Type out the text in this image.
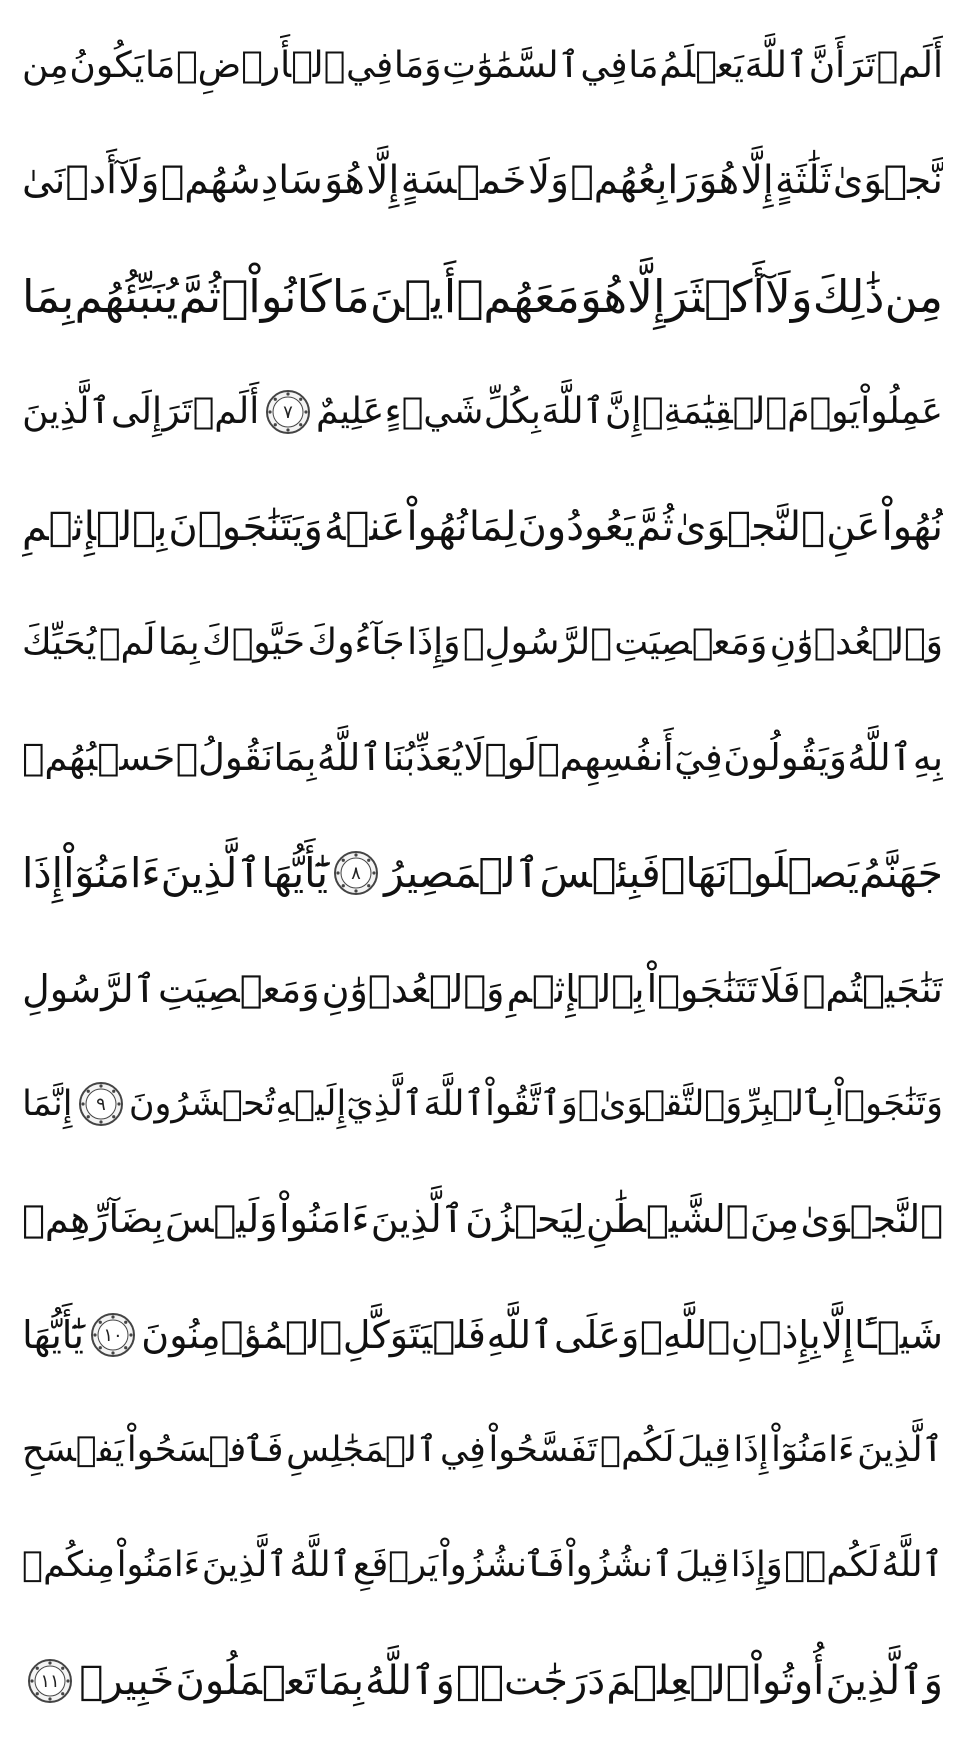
أَلَمۡ
تَرَ
أَنَّ
ٱللَّهَ
يَعۡلَمُ
مَا
فِي
ٱلسَّمَٰوَٰتِ
وَمَا
فِي
ٱلۡأَرۡضِۖ
مَا
يَكُونُ
مِن
نَّجۡوَىٰ
ثَلَٰثَةٍ
إِلَّا
هُوَ
رَابِعُهُمۡ
وَلَا
خَمۡسَةٍ
إِلَّا
هُوَ
سَادِسُهُمۡ
وَلَآ
أَدۡنَىٰ
مِن
ذَٰلِكَ
وَلَآ
أَكۡثَرَ
إِلَّا
هُوَ
مَعَهُمۡ
أَيۡنَ
مَا
كَانُواْۖ
ثُمَّ
يُنَبِّئُهُم
بِمَا
عَمِلُواْ
يَوۡمَ
ٱلۡقِيَٰمَةِۚ
إِنَّ
ٱللَّهَ
بِكُلِّ
شَيۡءٍ
عَلِيمٌ
٧
أَلَمۡ
تَرَ
إِلَى
ٱلَّذِينَ
نُهُواْ
عَنِ
ٱلنَّجۡوَىٰ
ثُمَّ
يَعُودُونَ
لِمَا
نُهُواْ
عَنۡهُ
وَيَتَنَٰجَوۡنَ
بِٱلۡإِثۡمِ
وَٱلۡعُدۡوَٰنِ
وَمَعۡصِيَتِ
ٱلرَّسُولِۖ
وَإِذَا
جَآءُوكَ
حَيَّوۡكَ
بِمَا
لَمۡ
يُحَيِّكَ
بِهِ
ٱللَّهُ
وَيَقُولُونَ
فِيٓ
أَنفُسِهِمۡ
لَوۡلَا
يُعَذِّبُنَا
ٱللَّهُ
بِمَا
نَقُولُۚ
حَسۡبُهُمۡ
جَهَنَّمُ
يَصۡلَوۡنَهَاۖ
فَبِئۡسَ
ٱلۡمَصِيرُ
٨
يَٰٓأَيُّهَا
ٱلَّذِينَ
ءَامَنُوٓاْ
إِذَا
تَنَٰجَيۡتُمۡ
فَلَا
تَتَنَٰجَوۡاْ
بِٱلۡإِثۡمِ
وَٱلۡعُدۡوَٰنِ
وَمَعۡصِيَتِ
ٱلرَّسُولِ
وَتَنَٰجَوۡاْ
بِٱلۡبِرِّ
وَٱلتَّقۡوَىٰۖ
وَٱتَّقُواْ
ٱللَّهَ
ٱلَّذِيٓ
إِلَيۡهِ
تُحۡشَرُونَ
٩
إِنَّمَا
ٱلنَّجۡوَىٰ
مِنَ
ٱلشَّيۡطَٰنِ
لِيَحۡزُنَ
ٱلَّذِينَ
ءَامَنُواْ
وَلَيۡسَ
بِضَآرِّهِمۡ
شَيۡـًٔا
إِلَّا
بِإِذۡنِ
ٱللَّهِۚ
وَعَلَى
ٱللَّهِ
فَلۡيَتَوَكَّلِ
ٱلۡمُؤۡمِنُونَ
١٠
يَٰٓأَيُّهَا
ٱلَّذِينَ
ءَامَنُوٓاْ
إِذَا
قِيلَ
لَكُمۡ
تَفَسَّحُواْ
فِي
ٱلۡمَجَٰلِسِ
فَٱفۡسَحُواْ
يَفۡسَحِ
ٱللَّهُ
لَكُمۡۖ
وَإِذَا
قِيلَ
ٱنشُزُواْ
فَٱنشُزُواْ
يَرۡفَعِ
ٱللَّهُ
ٱلَّذِينَ
ءَامَنُواْ
مِنكُمۡ
وَٱلَّذِينَ
أُوتُواْ
ٱلۡعِلۡمَ
دَرَجَٰتٖۚ
وَٱللَّهُ
بِمَا
تَعۡمَلُونَ
خَبِيرٞ
١١
